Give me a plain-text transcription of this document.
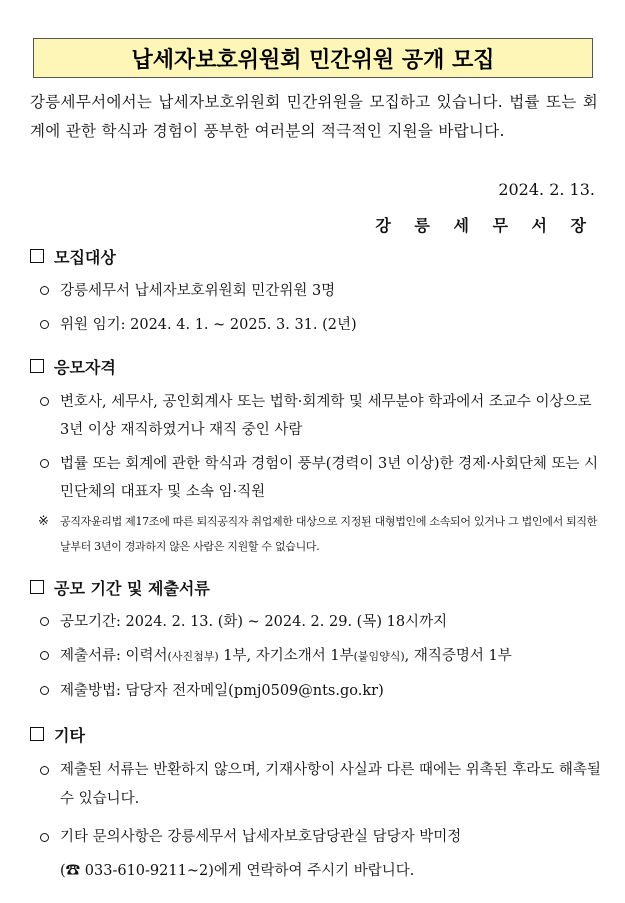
납세자보호위원회 민간위원 공개 모집
강릉세무서에서는 납세자보호위원회 민간위원을 모집하고 있습니다. 법률 또는 회계에 관한 학식과 경험이 풍부한 여러분의 적극적인 지원을 바랍니다.
2024. 2. 13.
강 릉 세 무 서 장
모집대상
강릉세무서 납세자보호위원회 민간위원 3명
위원 임기: 2024. 4. 1. ~ 2025. 3. 31. (2년)
응모자격
변호사, 세무사, 공인회계사 또는 법학·회계학 및 세무분야 학과에서 조교수 이상으로 3년 이상 재직하였거나 재직 중인 사람
법률 또는 회계에 관한 학식과 경험이 풍부(경력이 3년 이상)한 경제·사회단체 또는 시민단체의 대표자 및 소속 임·직원
※ 공직자윤리법 제17조에 따른 퇴직공직자 취업제한 대상으로 지정된 대형법인에 소속되어 있거나 그 법인에서 퇴직한 날부터 3년이 경과하지 않은 사람은 지원할 수 없습니다.
공모 기간 및 제출서류
공모기간: 2024. 2. 13. (화) ~ 2024. 2. 29. (목) 18시까지
제출서류: 이력서(사진첨부) 1부, 자기소개서 1부(붙임양식), 재직증명서 1부
제출방법: 담당자 전자메일(pmj0509@nts.go.kr)
기타
제출된 서류는 반환하지 않으며, 기재사항이 사실과 다른 때에는 위촉된 후라도 해촉될 수 있습니다.
기타 문의사항은 강릉세무서 납세자보호담당관실 담당자 박미정
(☎ 033-610-9211~2)에게 연락하여 주시기 바랍니다.
